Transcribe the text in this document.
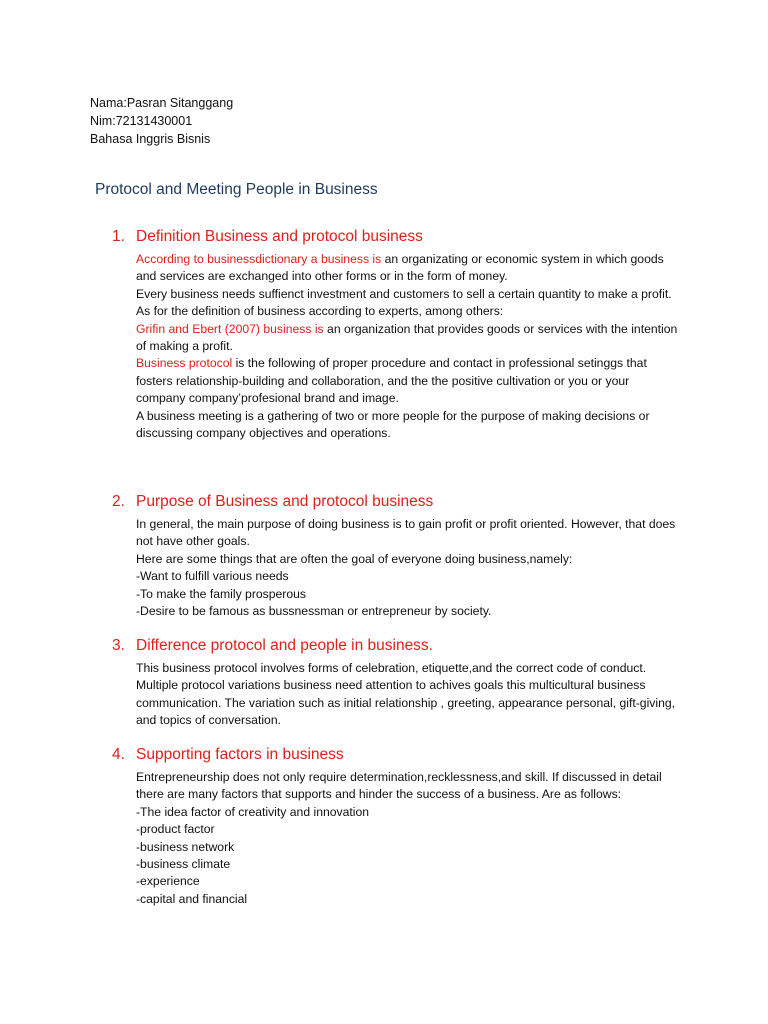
Nama:Pasran Sitanggang
Nim:72131430001
Bahasa Inggris Bisnis
Protocol and Meeting People in Business
1. Definition Business and protocol business

According to businessdictionary a business is an organizating or economic system in which goods and services are exchanged into other forms or in the form of money.

Every business needs suffienct investment and customers to sell a certain quantity to make a profit.

As for the definition of business according to experts, among others:

Grifin and Ebert (2007) business is an organization that provides goods or services with the intention of making a profit.

Business protocol is the following of proper procedure and contact in professional setinggs that fosters relationship-building and collaboration, and the the positive cultivation or you or your company company’profesional brand and image.

A business meeting is a gathering of two or more people for the purpose of making decisions or discussing company objectives and operations.

2. Purpose of Business and protocol business

In general, the main purpose of doing business is to gain profit or profit oriented. However, that does not have other goals.

Here are some things that are often the goal of everyone doing business,namely:

-Want to fulfill various needs

-To make the family prosperous

-Desire to be famous as bussnessman or entrepreneur by society.

3. Difference protocol and people in business.

This business protocol involves forms of celebration, etiquette,and the correct code of conduct. Multiple protocol variations business need attention to achives goals this multicultural business communication. The variation such as initial relationship , greeting, appearance personal, gift-giving, and topics of conversation.

4. Supporting factors in business

Entrepreneurship does not only require determination,recklessness,and skill. If discussed in detail there are many factors that supports and hinder the success of a business. Are as follows:

-The idea factor of creativity and innovation

-product factor

-business network

-business climate

-experience

-capital and financial
